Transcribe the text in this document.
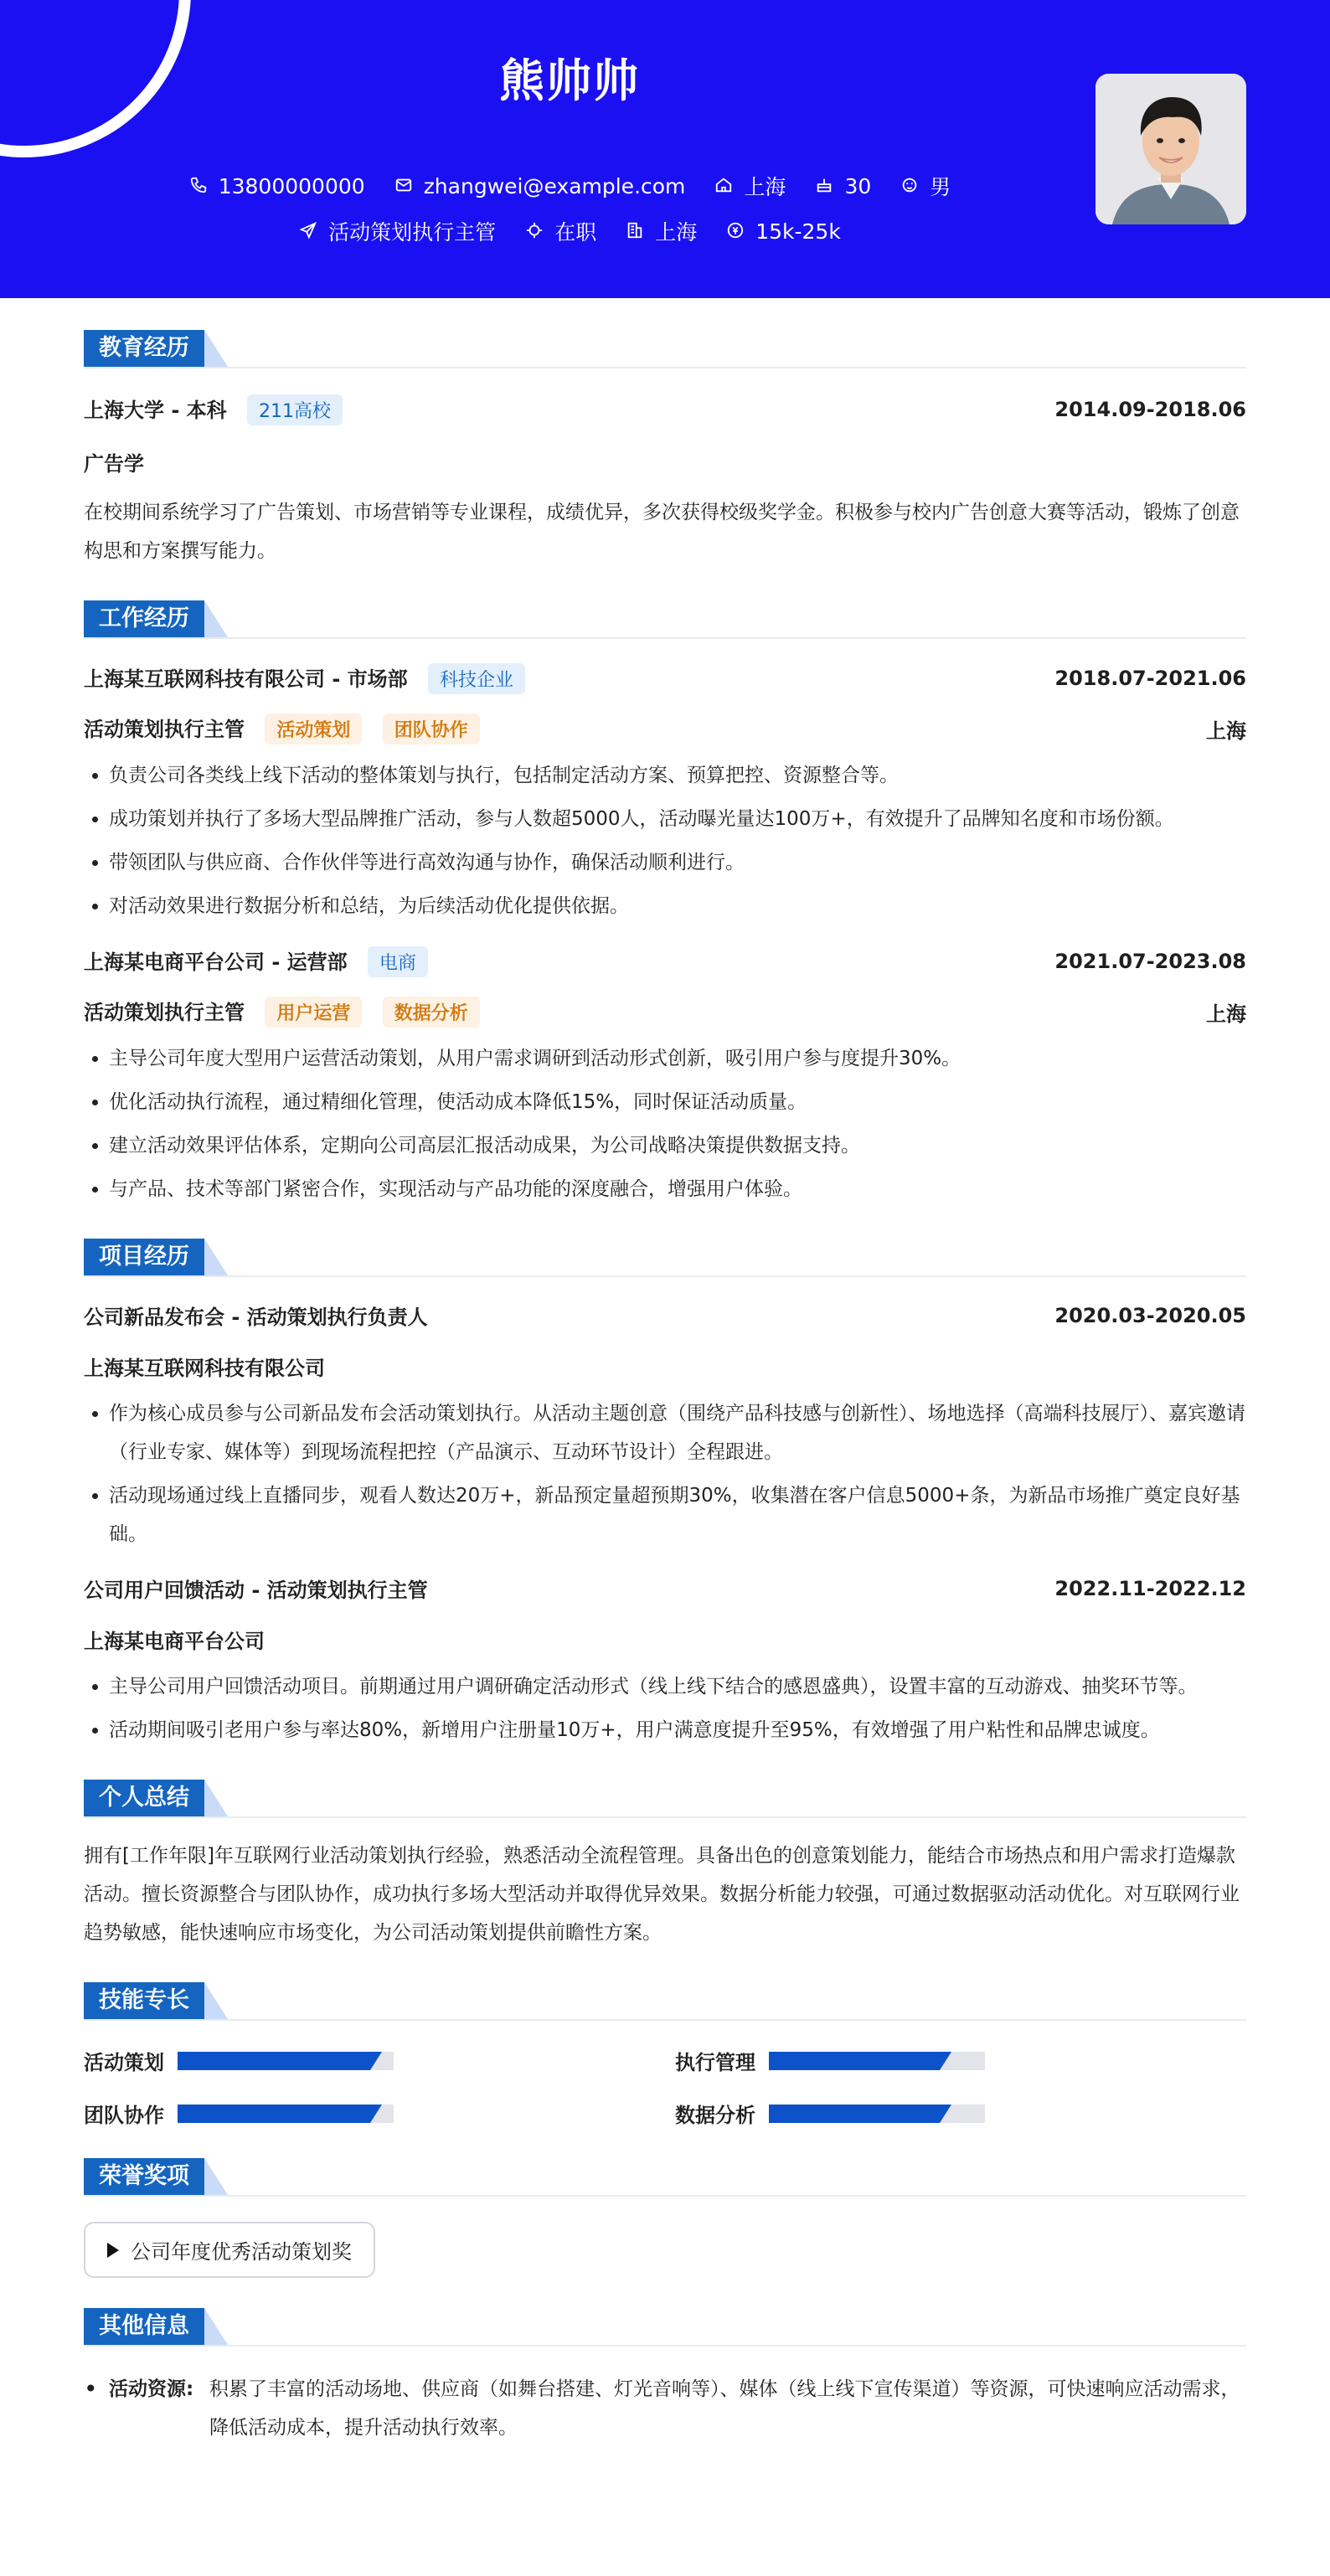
熊帅帅
13800000000	zhangwei@example.com	上海	30	男
活动策划执行主管	在职	上海	15k-25k
教育经历
上海大学 - 本科 211高校	2014.09-2018.06
广告学
在校期间系统学习了广告策划、市场营销等专业课程，成绩优异，多次获得校级奖学金。积极参与校内广告创意大赛等活动，锻炼了创意构思和方案撰写能力。
工作经历
上海某互联网科技有限公司 - 市场部 科技企业	2018.07-2021.06
活动策划执行主管 活动策划 团队协作	上海
• 负责公司各类线上线下活动的整体策划与执行，包括制定活动方案、预算把控、资源整合等。
• 成功策划并执行了多场大型品牌推广活动，参与人数超5000人，活动曝光量达100万+，有效提升了品牌知名度和市场份额。
• 带领团队与供应商、合作伙伴等进行高效沟通与协作，确保活动顺利进行。
• 对活动效果进行数据分析和总结，为后续活动优化提供依据。
上海某电商平台公司 - 运营部 电商	2021.07-2023.08
活动策划执行主管 用户运营 数据分析	上海
• 主导公司年度大型用户运营活动策划，从用户需求调研到活动形式创新，吸引用户参与度提升30%。
• 优化活动执行流程，通过精细化管理，使活动成本降低15%，同时保证活动质量。
• 建立活动效果评估体系，定期向公司高层汇报活动成果，为公司战略决策提供数据支持。
• 与产品、技术等部门紧密合作，实现活动与产品功能的深度融合，增强用户体验。
项目经历
公司新品发布会 - 活动策划执行负责人	2020.03-2020.05
上海某互联网科技有限公司
• 作为核心成员参与公司新品发布会活动策划执行。从活动主题创意（围绕产品科技感与创新性）、场地选择（高端科技展厅）、嘉宾邀请（行业专家、媒体等）到现场流程把控（产品演示、互动环节设计）全程跟进。
• 活动现场通过线上直播同步，观看人数达20万+，新品预定量超预期30%，收集潜在客户信息5000+条，为新品市场推广奠定良好基础。
公司用户回馈活动 - 活动策划执行主管	2022.11-2022.12
上海某电商平台公司
• 主导公司用户回馈活动项目。前期通过用户调研确定活动形式（线上线下结合的感恩盛典），设置丰富的互动游戏、抽奖环节等。
• 活动期间吸引老用户参与率达80%，新增用户注册量10万+，用户满意度提升至95%，有效增强了用户粘性和品牌忠诚度。
个人总结
拥有[工作年限]年互联网行业活动策划执行经验，熟悉活动全流程管理。具备出色的创意策划能力，能结合市场热点和用户需求打造爆款活动。擅长资源整合与团队协作，成功执行多场大型活动并取得优异效果。数据分析能力较强，可通过数据驱动活动优化。对互联网行业趋势敏感，能快速响应市场变化，为公司活动策划提供前瞻性方案。
技能专长
活动策划	执行管理
团队协作	数据分析
荣誉奖项
公司年度优秀活动策划奖
其他信息
• 活动资源: 积累了丰富的活动场地、供应商（如舞台搭建、灯光音响等）、媒体（线上线下宣传渠道）等资源，可快速响应活动需求，降低活动成本，提升活动执行效率。
